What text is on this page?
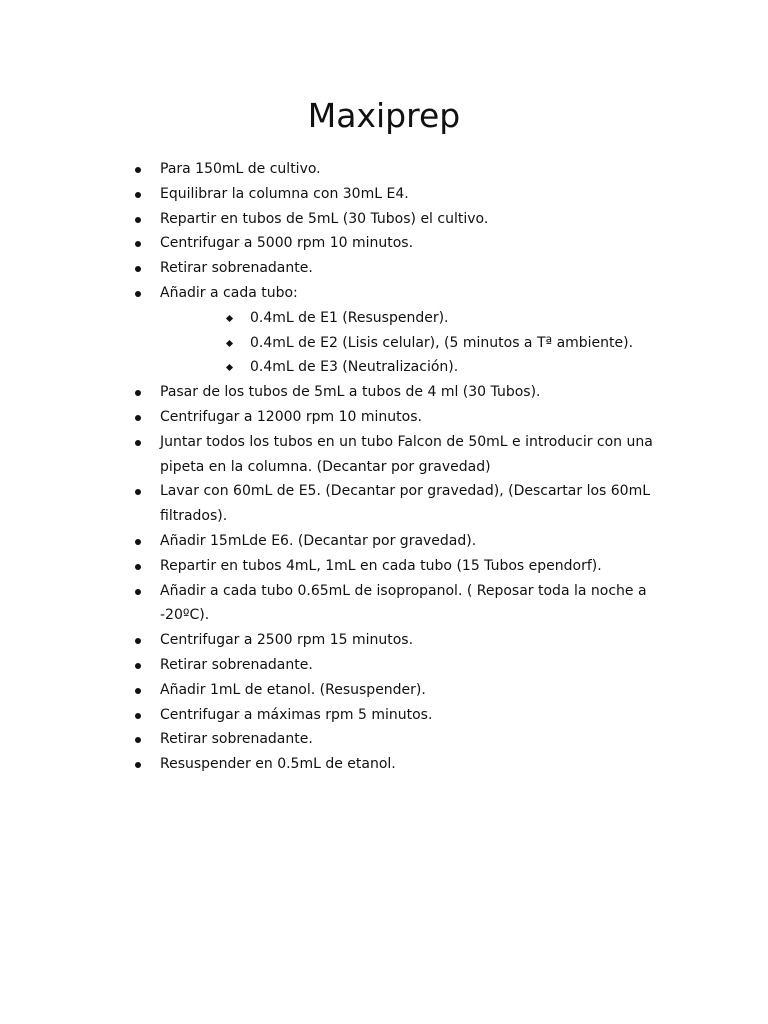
Maxiprep
Para 150mL de cultivo.
Equilibrar la columna con 30mL E4.
Repartir en tubos de 5mL (30 Tubos) el cultivo.
Centrifugar a 5000 rpm 10 minutos.
Retirar sobrenadante.
Añadir a cada tubo:
0.4mL de E1 (Resuspender).
0.4mL de E2 (Lisis celular), (5 minutos a Tª ambiente).
0.4mL de E3 (Neutralización).
Pasar de los tubos de 5mL a tubos de 4 ml (30 Tubos).
Centrifugar a 12000 rpm 10 minutos.
Juntar todos los tubos en un tubo Falcon de 50mL e introducir con una pipeta en la columna. (Decantar por gravedad)
Lavar con 60mL de E5. (Decantar por gravedad), (Descartar los 60mL filtrados).
Añadir 15mLde E6. (Decantar por gravedad).
Repartir en tubos 4mL, 1mL en cada tubo (15 Tubos ependorf).
Añadir a cada tubo 0.65mL de isopropanol. ( Reposar toda la noche a -20ºC).
Centrifugar a 2500 rpm 15 minutos.
Retirar sobrenadante.
Añadir 1mL de etanol. (Resuspender).
Centrifugar a máximas rpm 5 minutos.
Retirar sobrenadante.
Resuspender en 0.5mL de etanol.
